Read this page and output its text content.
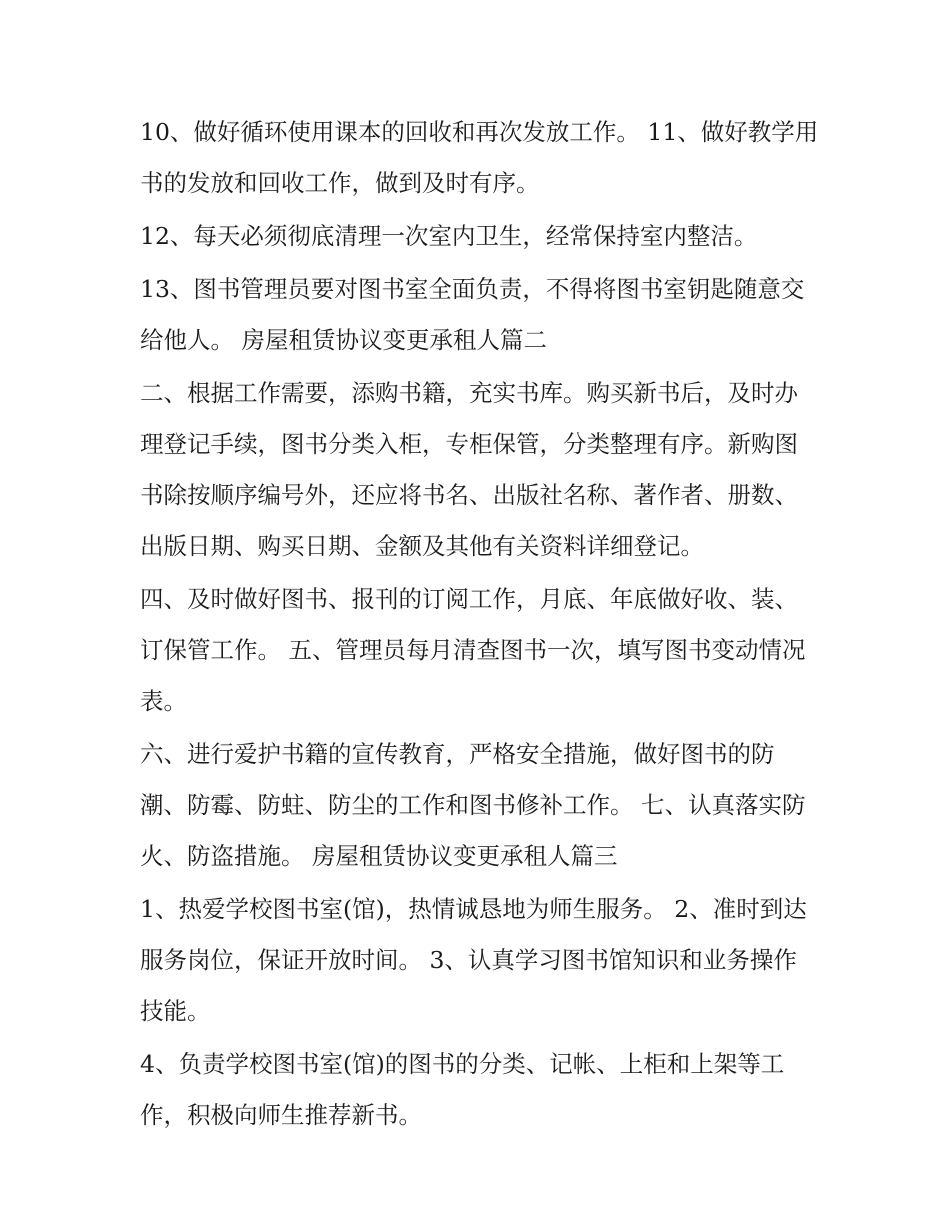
10、做好循环使用课本的回收和再次发放工作。 11、做好教学用书的发放和回收工作，做到及时有序。

12、每天必须彻底清理一次室内卫生，经常保持室内整洁。

13、图书管理员要对图书室全面负责，不得将图书室钥匙随意交给他人。 房屋租赁协议变更承租人篇二

二、根据工作需要，添购书籍，充实书库。购买新书后，及时办理登记手续，图书分类入柜，专柜保管，分类整理有序。新购图书除按顺序编号外，还应将书名、出版社名称、著作者、册数、出版日期、购买日期、金额及其他有关资料详细登记。

四、及时做好图书、报刊的订阅工作，月底、年底做好收、装、订保管工作。 五、管理员每月清查图书一次，填写图书变动情况表。

六、进行爱护书籍的宣传教育，严格安全措施，做好图书的防潮、防霉、防蛀、防尘的工作和图书修补工作。 七、认真落实防火、防盗措施。 房屋租赁协议变更承租人篇三

1、热爱学校图书室(馆)，热情诚恳地为师生服务。 2、准时到达服务岗位，保证开放时间。 3、认真学习图书馆知识和业务操作技能。

4、负责学校图书室(馆)的图书的分类、记帐、上柜和上架等工作，积极向师生推荐新书。
